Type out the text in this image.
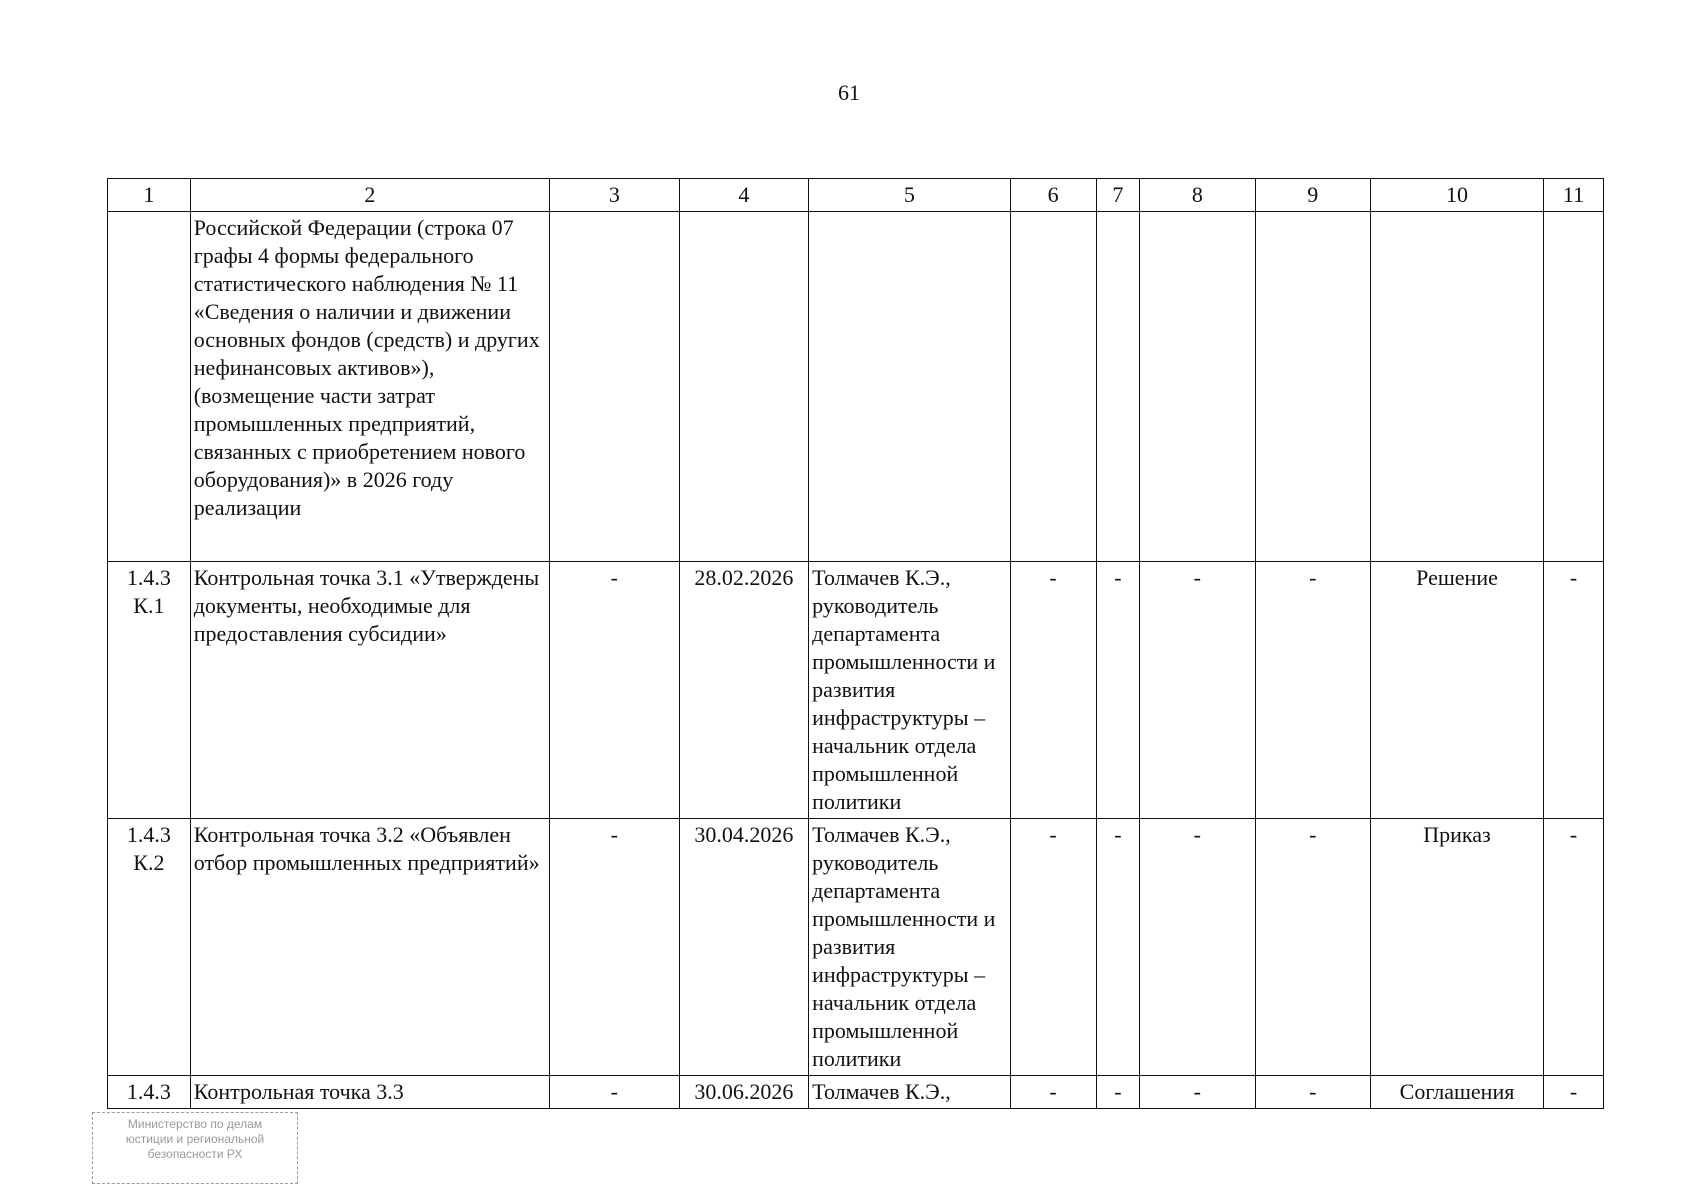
61
1	2	3	4	5	6	7	8	9	10	11
	Российской Федерации (строка 07 графы 4 формы федерального статистического наблюдения № 11 «Сведения о наличии и движении основных фондов (средств) и других нефинансовых активов»), (возмещение части затрат промышленных предприятий, связанных с приобретением нового оборудования)» в 2026 году реализации									
1.4.3 К.1	Контрольная точка 3.1 «Утверждены документы, необходимые для предоставления субсидии»	-	28.02.2026	Толмачев К.Э., руководитель департамента промышленности и развития инфраструктуры – начальник отдела промышленной политики	-	-	-	-	Решение	-
1.4.3 К.2	Контрольная точка 3.2 «Объявлен отбор промышленных предприятий»	-	30.04.2026	Толмачев К.Э., руководитель департамента промышленности и развития инфраструктуры – начальник отдела промышленной политики	-	-	-	-	Приказ	-
1.4.3	Контрольная точка 3.3	-	30.06.2026	Толмачев К.Э.,	-	-	-	-	Соглашения	-
Министерство по делам
юстиции и региональной
безопасности РХ
